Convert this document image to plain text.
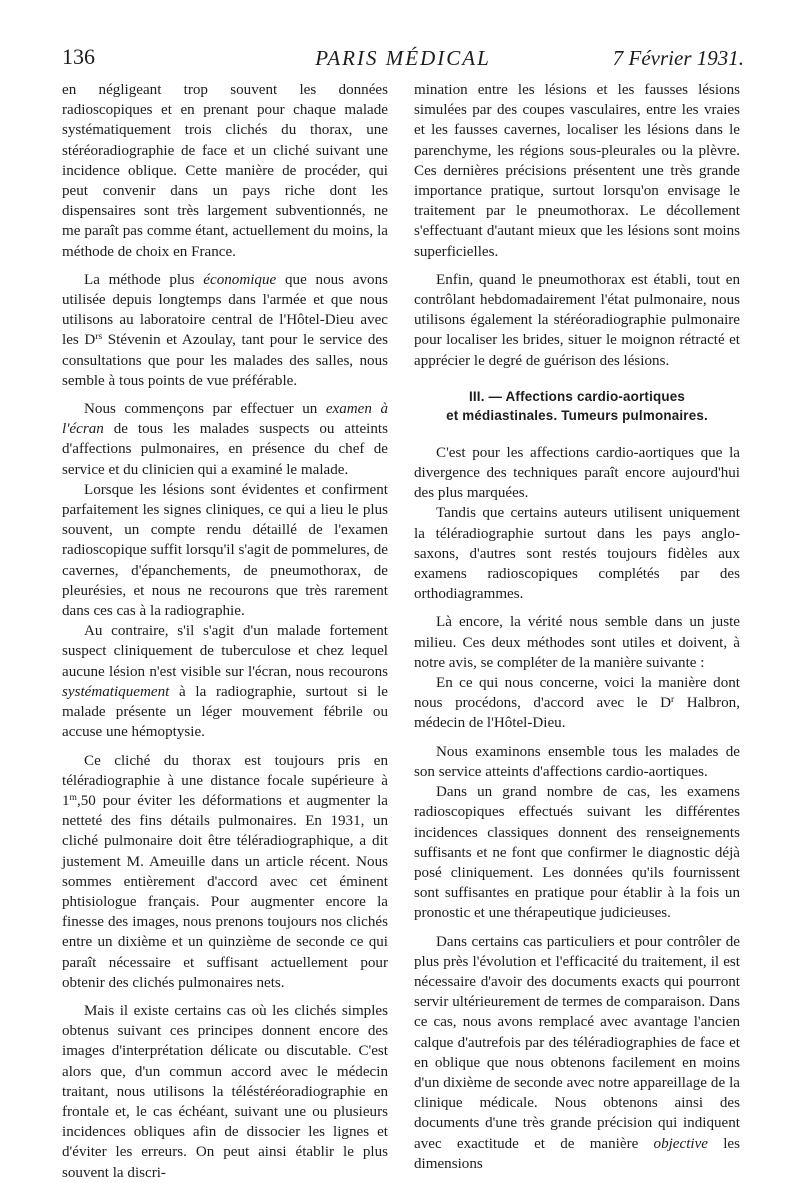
136	PARIS MÉDICAL	7 Février 1931.

en négligeant trop souvent les données radioscopiques et en prenant pour chaque malade systématiquement trois clichés du thorax, une stéréoradiographie de face et un cliché suivant une incidence oblique. Cette manière de procéder, qui peut convenir dans un pays riche dont les dispensaires sont très largement subventionnés, ne me paraît pas comme étant, actuellement du moins, la méthode de choix en France.

La méthode plus économique que nous avons utilisée depuis longtemps dans l'armée et que nous utilisons au laboratoire central de l'Hôtel-Dieu avec les $D^{rs}$ Stévenin et Azoulay, tant pour le service des consultations que pour les malades des salles, nous semble à tous points de vue préférable.

Nous commençons par effectuer un examen à l'écran de tous les malades suspects ou atteints d'affections pulmonaires, en présence du chef de service et du clinicien qui a examiné le malade.

Lorsque les lésions sont évidentes et confirment parfaitement les signes cliniques, ce qui a lieu le plus souvent, un compte rendu détaillé de l'examen radioscopique suffit lorsqu'il s'agit de pommelures, de cavernes, d'épanchements, de pneumothorax, de pleurésies, et nous ne recourons que très rarement dans ces cas à la radiographie.

Au contraire, s'il s'agit d'un malade fortement suspect cliniquement de tuberculose et chez lequel aucune lésion n'est visible sur l'écran, nous recourons systématiquement à la radiographie, surtout si le malade présente un léger mouvement fébrile ou accuse une hémoptysie.

Ce cliché du thorax est toujours pris en téléradiographie à une distance focale supérieure à 1$^m$,50 pour éviter les déformations et augmenter la netteté des fins détails pulmonaires. En 1931, un cliché pulmonaire doit être téléradiographique, a dit justement M. Ameuille dans un article récent. Nous sommes entièrement d'accord avec cet éminent phtisiologue français. Pour augmenter encore la finesse des images, nous prenons toujours nos clichés entre un dixième et un quinzième de seconde ce qui paraît nécessaire et suffisant actuellement pour obtenir des clichés pulmonaires nets.

Mais il existe certains cas où les clichés simples obtenus suivant ces principes donnent encore des images d'interprétation délicate ou discutable. C'est alors que, d'un commun accord avec le médecin traitant, nous utilisons la téléstéréoradiographie en frontale et, le cas échéant, suivant une ou plusieurs incidences obliques afin de dissocier les lignes et d'éviter les erreurs. On peut ainsi établir le plus souvent la discri-

mination entre les lésions et les fausses lésions simulées par des coupes vasculaires, entre les vraies et les fausses cavernes, localiser les lésions dans le parenchyme, les régions sous-pleurales ou la plèvre. Ces dernières précisions présentent une très grande importance pratique, surtout lorsqu'on envisage le traitement par le pneumothorax. Le décollement s'effectuant d'autant mieux que les lésions sont moins superficielles.

Enfin, quand le pneumothorax est établi, tout en contrôlant hebdomadairement l'état pulmonaire, nous utilisons également la stéréoradiographie pulmonaire pour localiser les brides, situer le moignon rétracté et apprécier le degré de guérison des lésions.

III. — Affections cardio-aortiques
et médiastinales. Tumeurs pulmonaires.

C'est pour les affections cardio-aortiques que la divergence des techniques paraît encore aujourd'hui des plus marquées.

Tandis que certains auteurs utilisent uniquement la téléradiographie surtout dans les pays anglo-saxons, d'autres sont restés toujours fidèles aux examens radioscopiques complétés par des orthodiagrammes.

Là encore, la vérité nous semble dans un juste milieu. Ces deux méthodes sont utiles et doivent, à notre avis, se compléter de la manière suivante :

En ce qui nous concerne, voici la manière dont nous procédons, d'accord avec le $D^r$ Halbron, médecin de l'Hôtel-Dieu.

Nous examinons ensemble tous les malades de son service atteints d'affections cardio-aortiques.

Dans un grand nombre de cas, les examens radioscopiques effectués suivant les différentes incidences classiques donnent des renseignements suffisants et ne font que confirmer le diagnostic déjà posé cliniquement. Les données qu'ils fournissent sont suffisantes en pratique pour établir à la fois un pronostic et une thérapeutique judicieuses.

Dans certains cas particuliers et pour contrôler de plus près l'évolution et l'efficacité du traitement, il est nécessaire d'avoir des documents exacts qui pourront servir ultérieurement de termes de comparaison. Dans ce cas, nous avons remplacé avec avantage l'ancien calque d'autrefois par des téléradiographies de face et en oblique que nous obtenons facilement en moins d'un dixième de seconde avec notre appareillage de la clinique médicale. Nous obtenons ainsi des documents d'une très grande précision qui indiquent avec exactitude et de manière objective les dimensions
